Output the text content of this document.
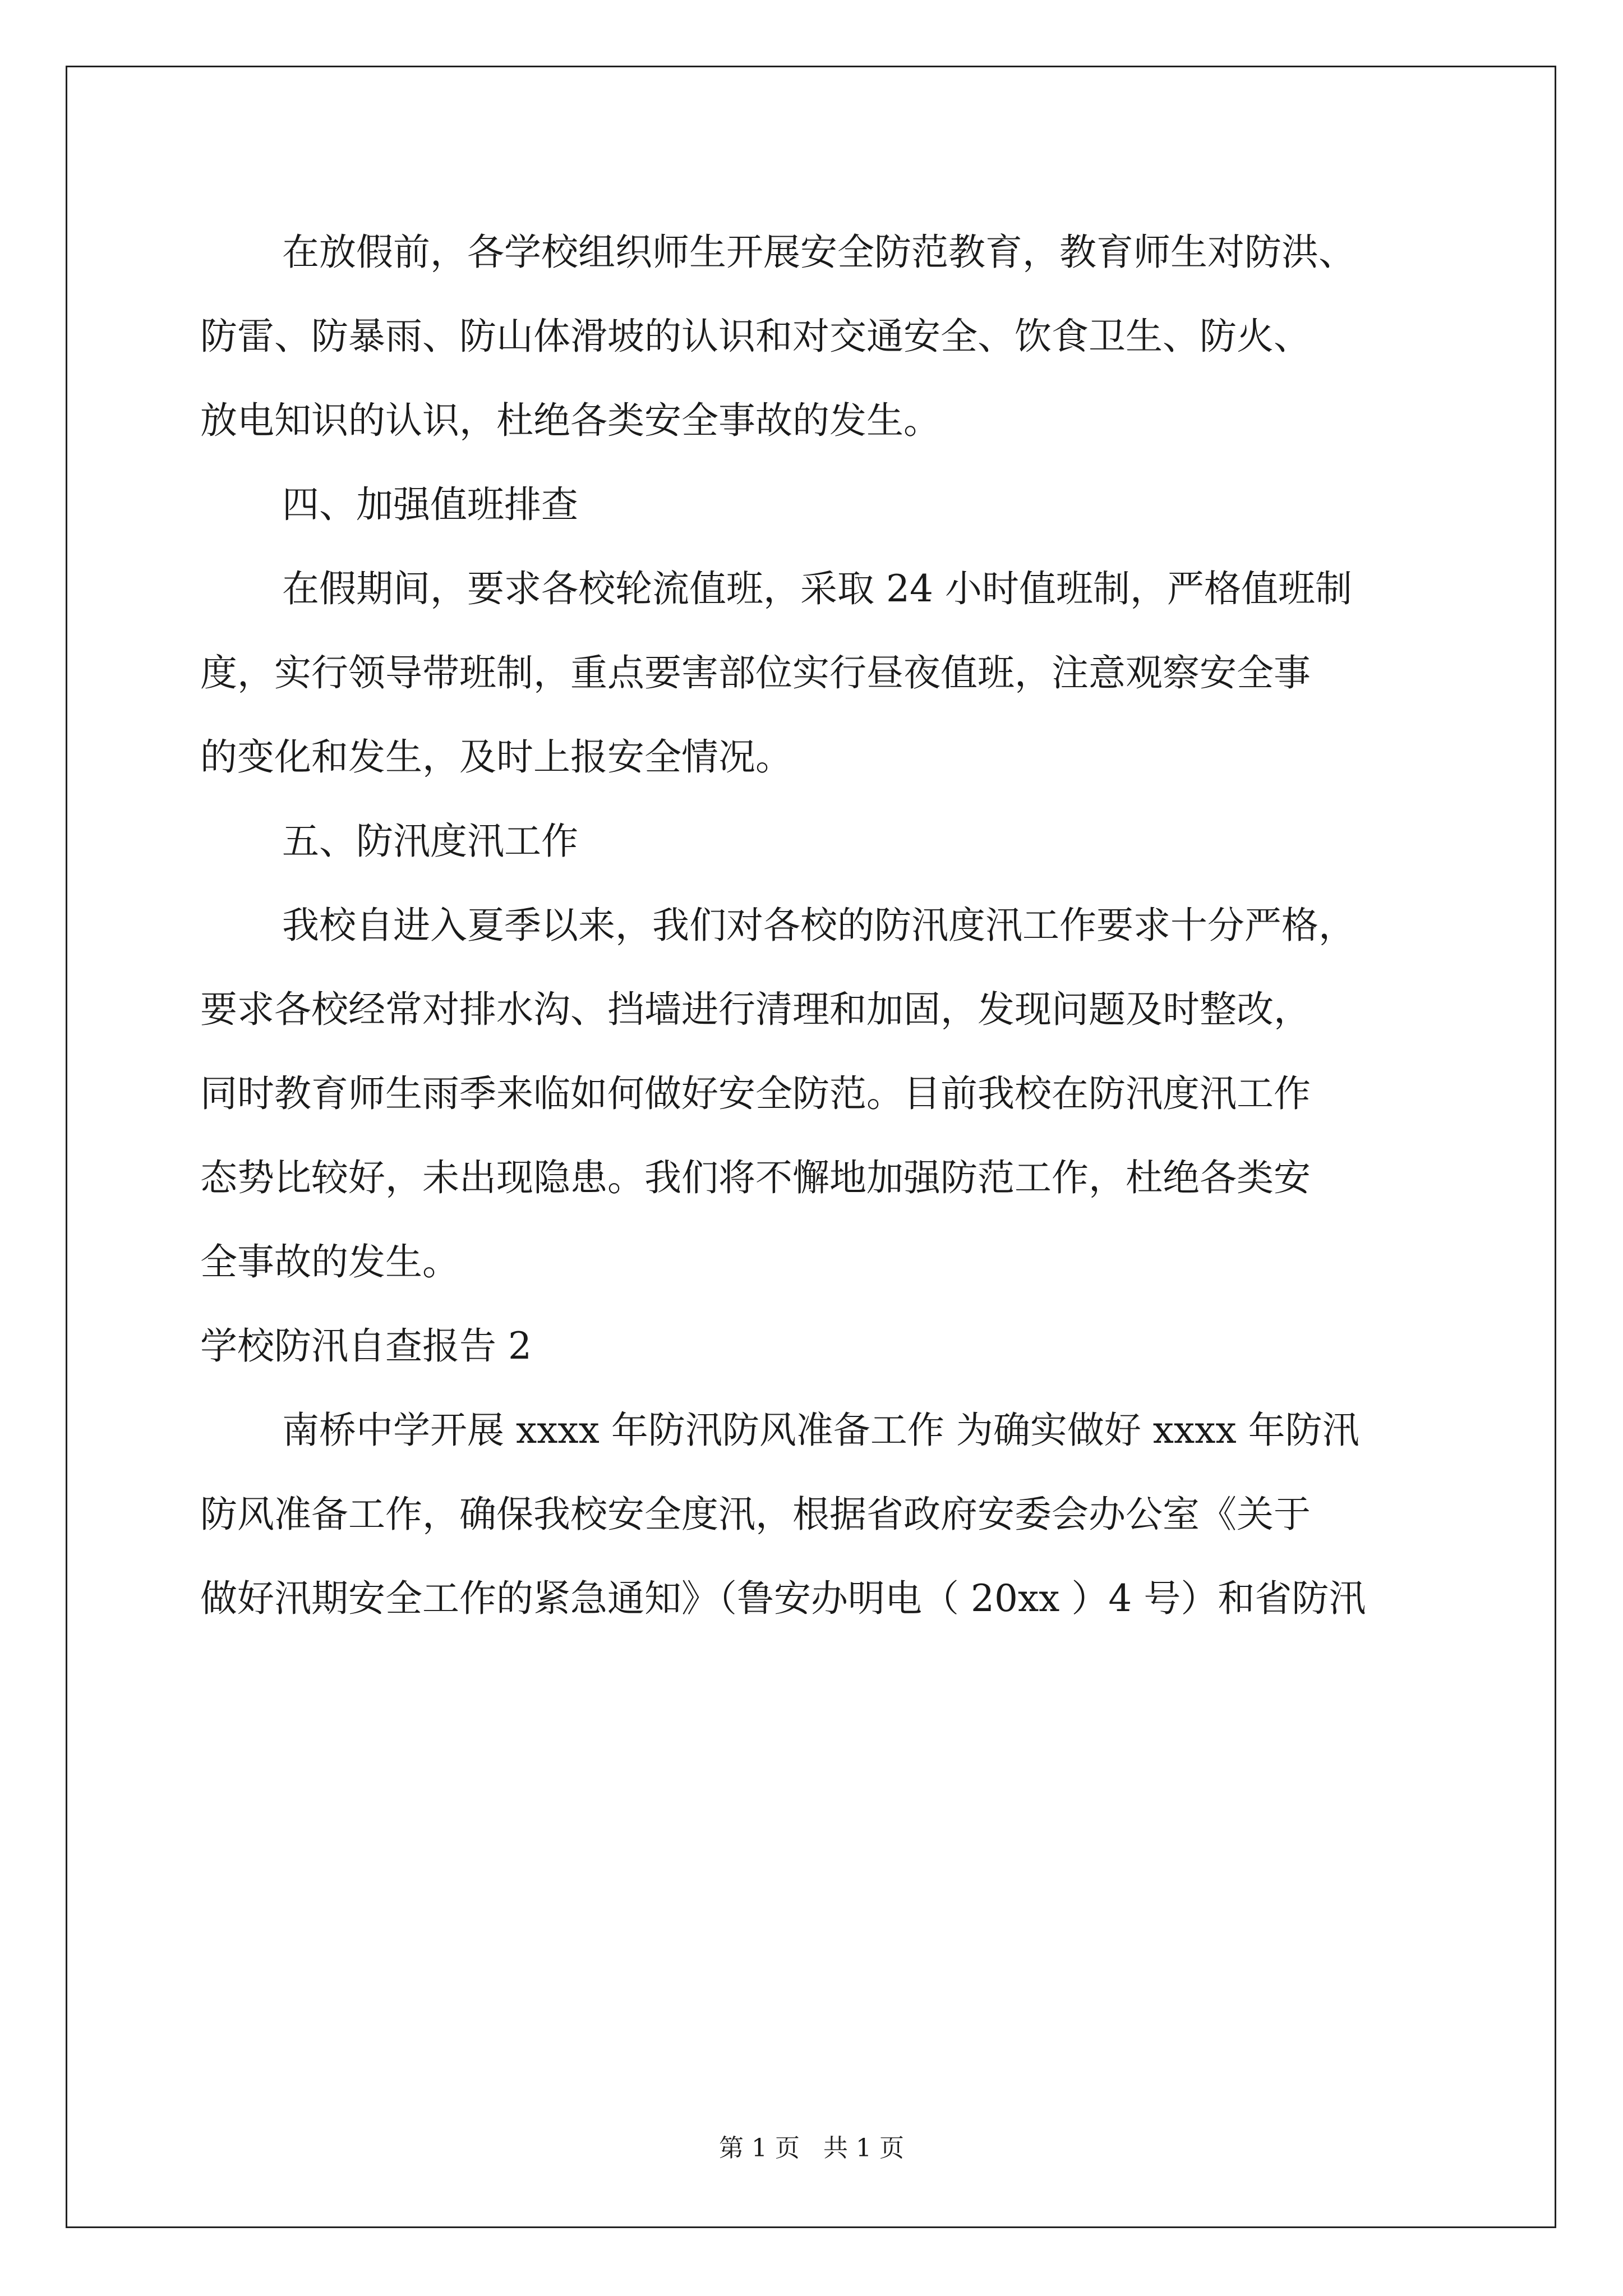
在放假前，各学校组织师生开展安全防范教育，教育师生对防洪、
防雷、防暴雨、防山体滑坡的认识和对交通安全、饮食卫生、防火、
放电知识的认识，杜绝各类安全事故的发生。
四、加强值班排查
在假期间，要求各校轮流值班，采取 24 小时值班制，严格值班制
度，实行领导带班制，重点要害部位实行昼夜值班，注意观察安全事
的变化和发生，及时上报安全情况。
五、防汛度汛工作
我校自进入夏季以来，我们对各校的防汛度汛工作要求十分严格，
要求各校经常对排水沟、挡墙进行清理和加固，发现问题及时整改，
同时教育师生雨季来临如何做好安全防范。目前我校在防汛度汛工作
态势比较好，未出现隐患。我们将不懈地加强防范工作，杜绝各类安
全事故的发生。
学校防汛自查报告 2
南桥中学开展 xxxx 年防汛防风准备工作 为确实做好 xxxx 年防汛
防风准备工作，确保我校安全度汛，根据省政府安委会办公室《关于
做好汛期安全工作的紧急通知》（鲁安办明电（ 20xx ）4 号）和省防汛
第 1 页   共 1 页
